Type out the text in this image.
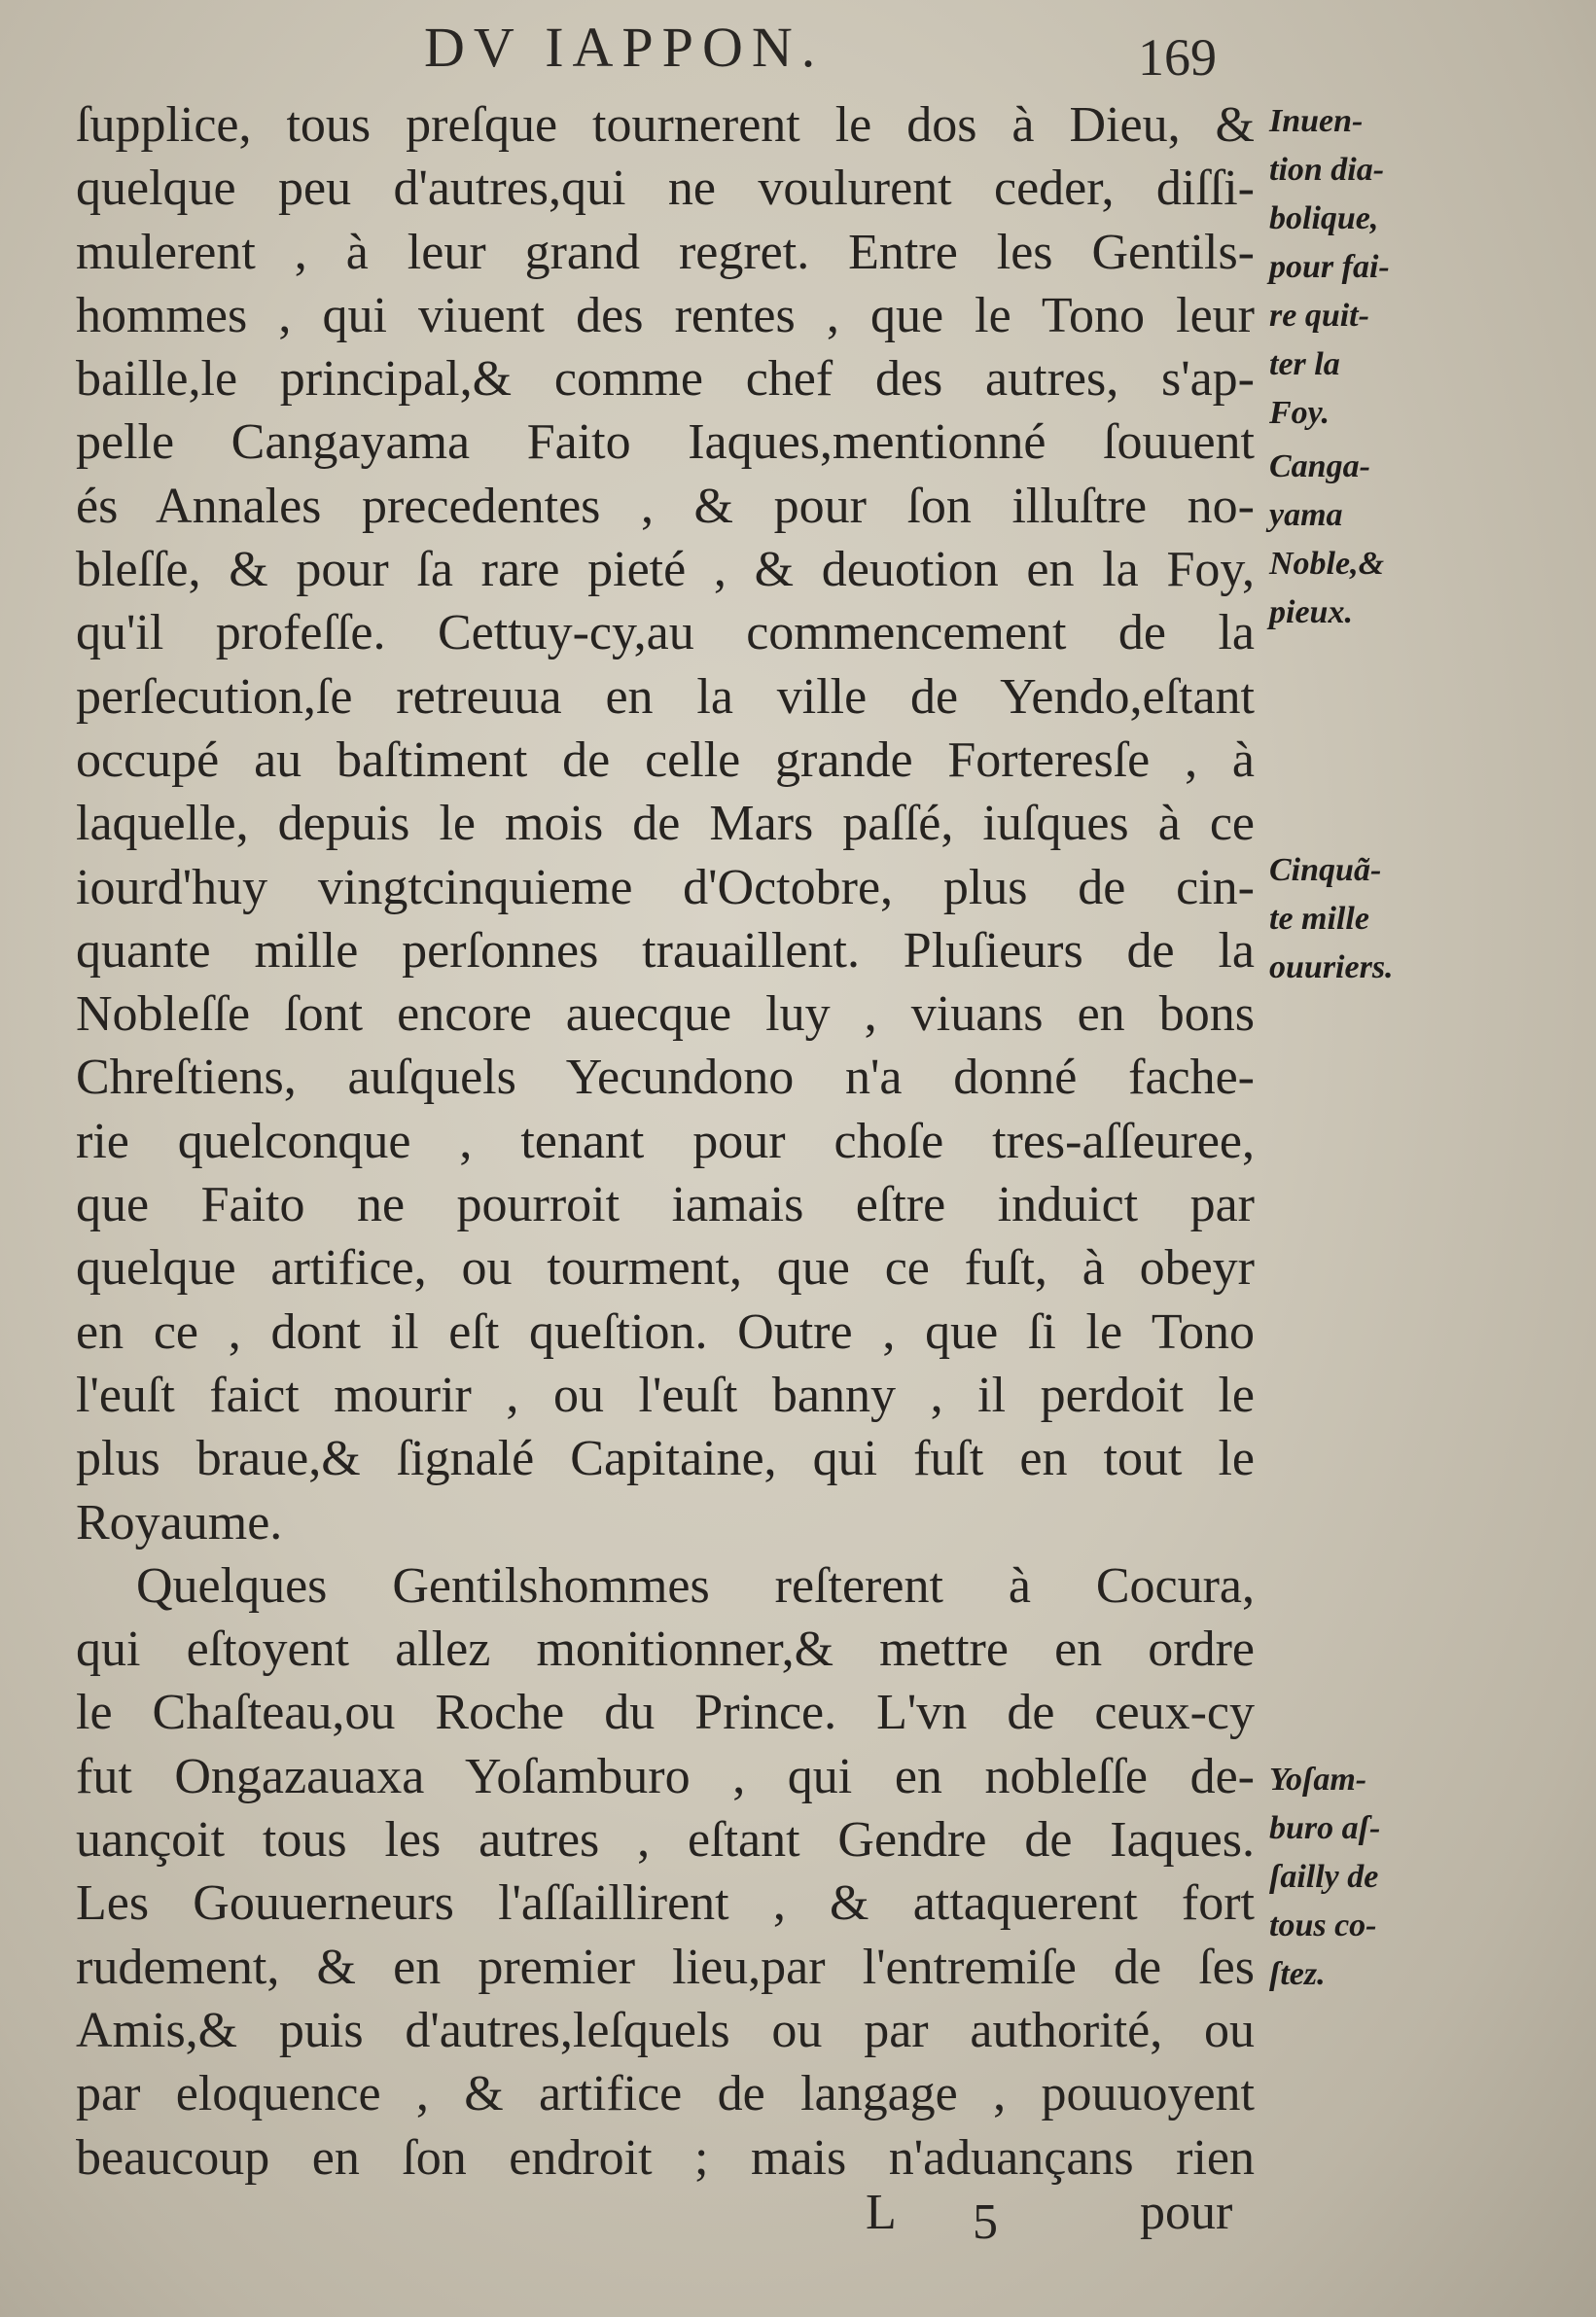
DV IAPPON.	169
ſupplice, tous preſque tournerent le dos à Dieu, &
quelque peu d'autres,qui ne voulurent ceder, diſſi-
mulerent , à leur grand regret. Entre les Gentils-
hommes , qui viuent des rentes , que le Tono leur
baille,le principal,& comme chef des autres, s'ap-
pelle Cangayama Faito Iaques,mentionné ſouuent
és Annales precedentes , & pour ſon illuſtre no-
bleſſe, & pour ſa rare pieté , & deuotion en la Foy,
qu'il profeſſe. Cettuy-cy,au commencement de la
perſecution,ſe retreuua en la ville de Yendo,eſtant
occupé au baſtiment de celle grande Forteresſe , à
laquelle, depuis le mois de Mars paſſé, iuſques à ce
iourd'huy vingtcinquieme d'Octobre, plus de cin-
quante mille perſonnes trauaillent. Pluſieurs de la
Nobleſſe ſont encore auecque luy , viuans en bons
Chreſtiens, auſquels Yecundono n'a donné fache-
rie quelconque , tenant pour choſe tres-aſſeuree,
que Faito ne pourroit iamais eſtre induict par
quelque artifice, ou tourment, que ce fuſt, à obeyr
en ce , dont il eſt queſtion. Outre , que ſi le Tono
l'euſt faict mourir , ou l'euſt banny , il perdoit le
plus braue,& ſignalé Capitaine, qui fuſt en tout le
Royaume.
Quelques Gentilshommes reſterent à Cocura,
qui eſtoyent allez monitionner,& mettre en ordre
le Chaſteau,ou Roche du Prince. L'vn de ceux-cy
fut Ongazauaxa Yoſamburo , qui en nobleſſe de-
uançoit tous les autres , eſtant Gendre de Iaques.
Les Gouuerneurs l'aſſaillirent , & attaquerent fort
rudement, & en premier lieu,par l'entremiſe de ſes
Amis,& puis d'autres,leſquels ou par authorité, ou
par eloquence , & artifice de langage , pouuoyent
beaucoup en ſon endroit ; mais n'aduançans rien
Inuen-
tion dia-
bolique,
pour fai-
re quit-
ter la
Foy.
Canga-
yama
Noble,&
pieux.
Cinquã-
te mille
ouuriers.
Yoſam-
buro aſ-
ſailly de
tous co-
ſtez.
L 5	pour
